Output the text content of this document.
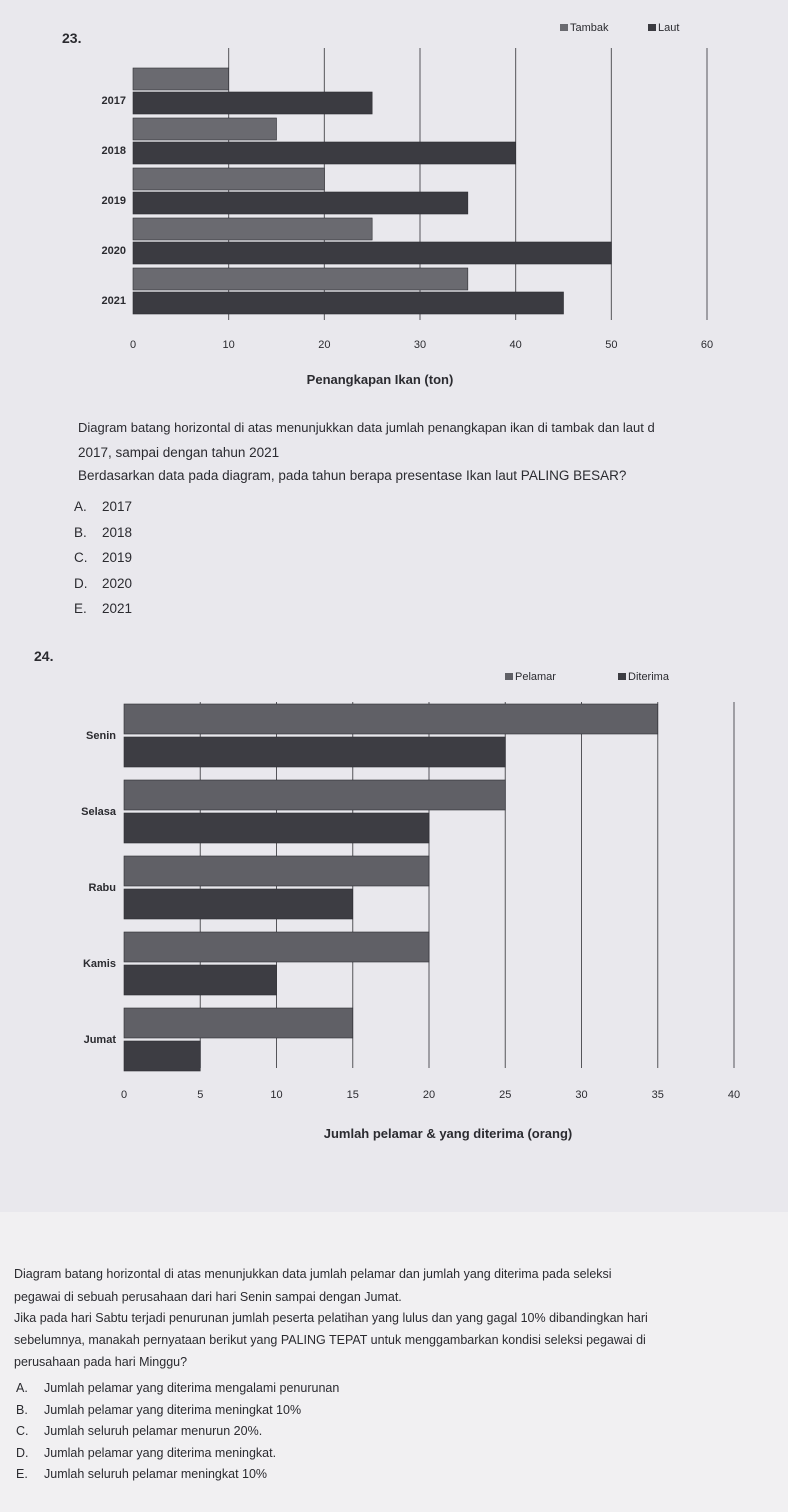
23.
2017
2018
2019
2020
2021
0	10	20	30	40	50	60
Penangkapan Ikan (ton)
Tambak	Laut
Diagram batang horizontal di atas menunjukkan data jumlah penangkapan ikan di tambak dan laut d
2017, sampai dengan tahun 2021
Berdasarkan data pada diagram, pada tahun berapa presentase Ikan laut PALING BESAR?
A. 2017
B. 2018
C. 2019
D. 2020
E. 2021
24.
Senin
Selasa
Rabu
Kamis
Jumat
0	5	10	15	20	25	30	35	40
Jumlah pelamar & yang diterima (orang)
Pelamar	Diterima
Diagram batang horizontal di atas menunjukkan data jumlah pelamar dan jumlah yang diterima pada seleksi
pegawai di sebuah perusahaan dari hari Senin sampai dengan Jumat.
Jika pada hari Sabtu terjadi penurunan jumlah peserta pelatihan yang lulus dan yang gagal 10% dibandingkan hari
sebelumnya, manakah pernyataan berikut yang PALING TEPAT untuk menggambarkan kondisi seleksi pegawai di
perusahaan pada hari Minggu?
A. Jumlah pelamar yang diterima mengalami penurunan
B. Jumlah pelamar yang diterima meningkat 10%
C. Jumlah seluruh pelamar menurun 20%.
D. Jumlah pelamar yang diterima meningkat.
E. Jumlah seluruh pelamar meningkat 10%
